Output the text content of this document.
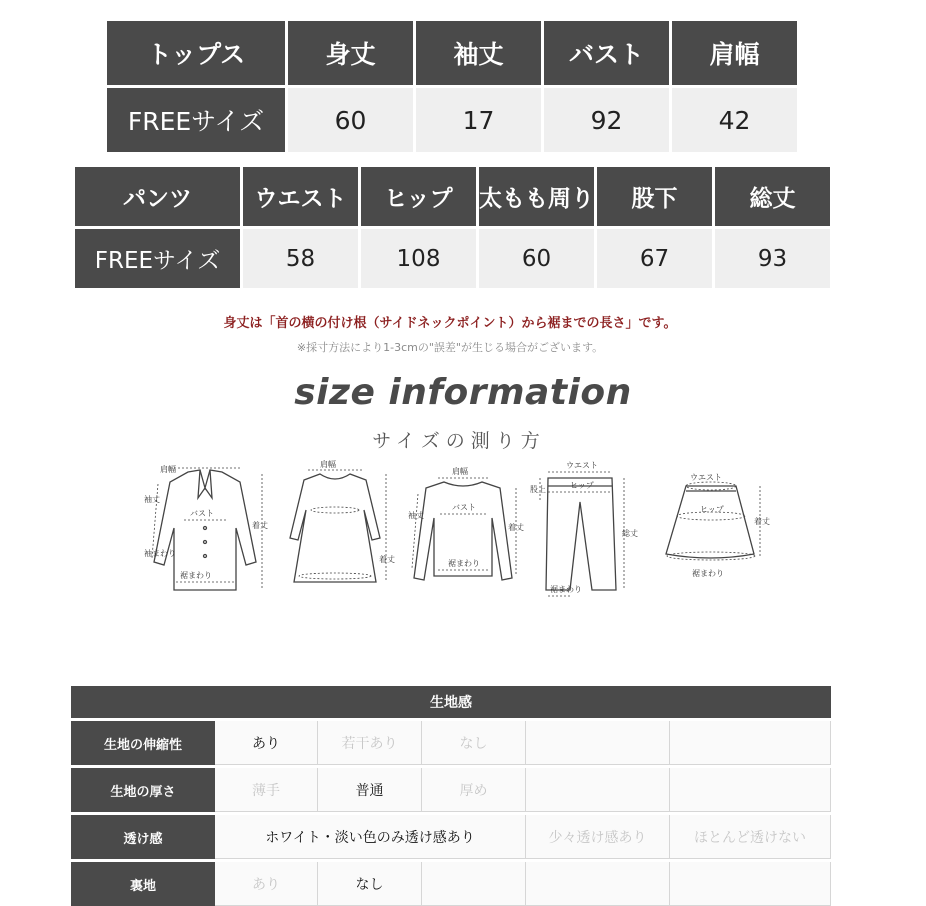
トップス	身丈	袖丈	バスト	肩幅
FREEサイズ	60	17	92	42
パンツ	ウエスト	ヒップ	太もも周り	股下	総丈
FREEサイズ	58	108	60	67	93
身丈は「首の横の付け根（サイドネックポイント）から裾までの長さ」です。
※採寸方法により1-3cmの"誤差"が生じる場合がございます。
size information
サイズの測り方
肩幅
袖丈
バスト
着丈
袖まわり
裾まわり
肩幅
着丈
肩幅
袖丈
バスト
着丈
裾まわり
ウエスト
ヒップ
股上
総丈
裾まわり
ウエスト
ヒップ
着丈
裾まわり
生地感
生地の伸縮性	あり	若干あり	なし
生地の厚さ	薄手	普通	厚め
透け感	ホワイト・淡い色のみ透け感あり	少々透け感あり	ほとんど透けない
裏地	あり	なし
